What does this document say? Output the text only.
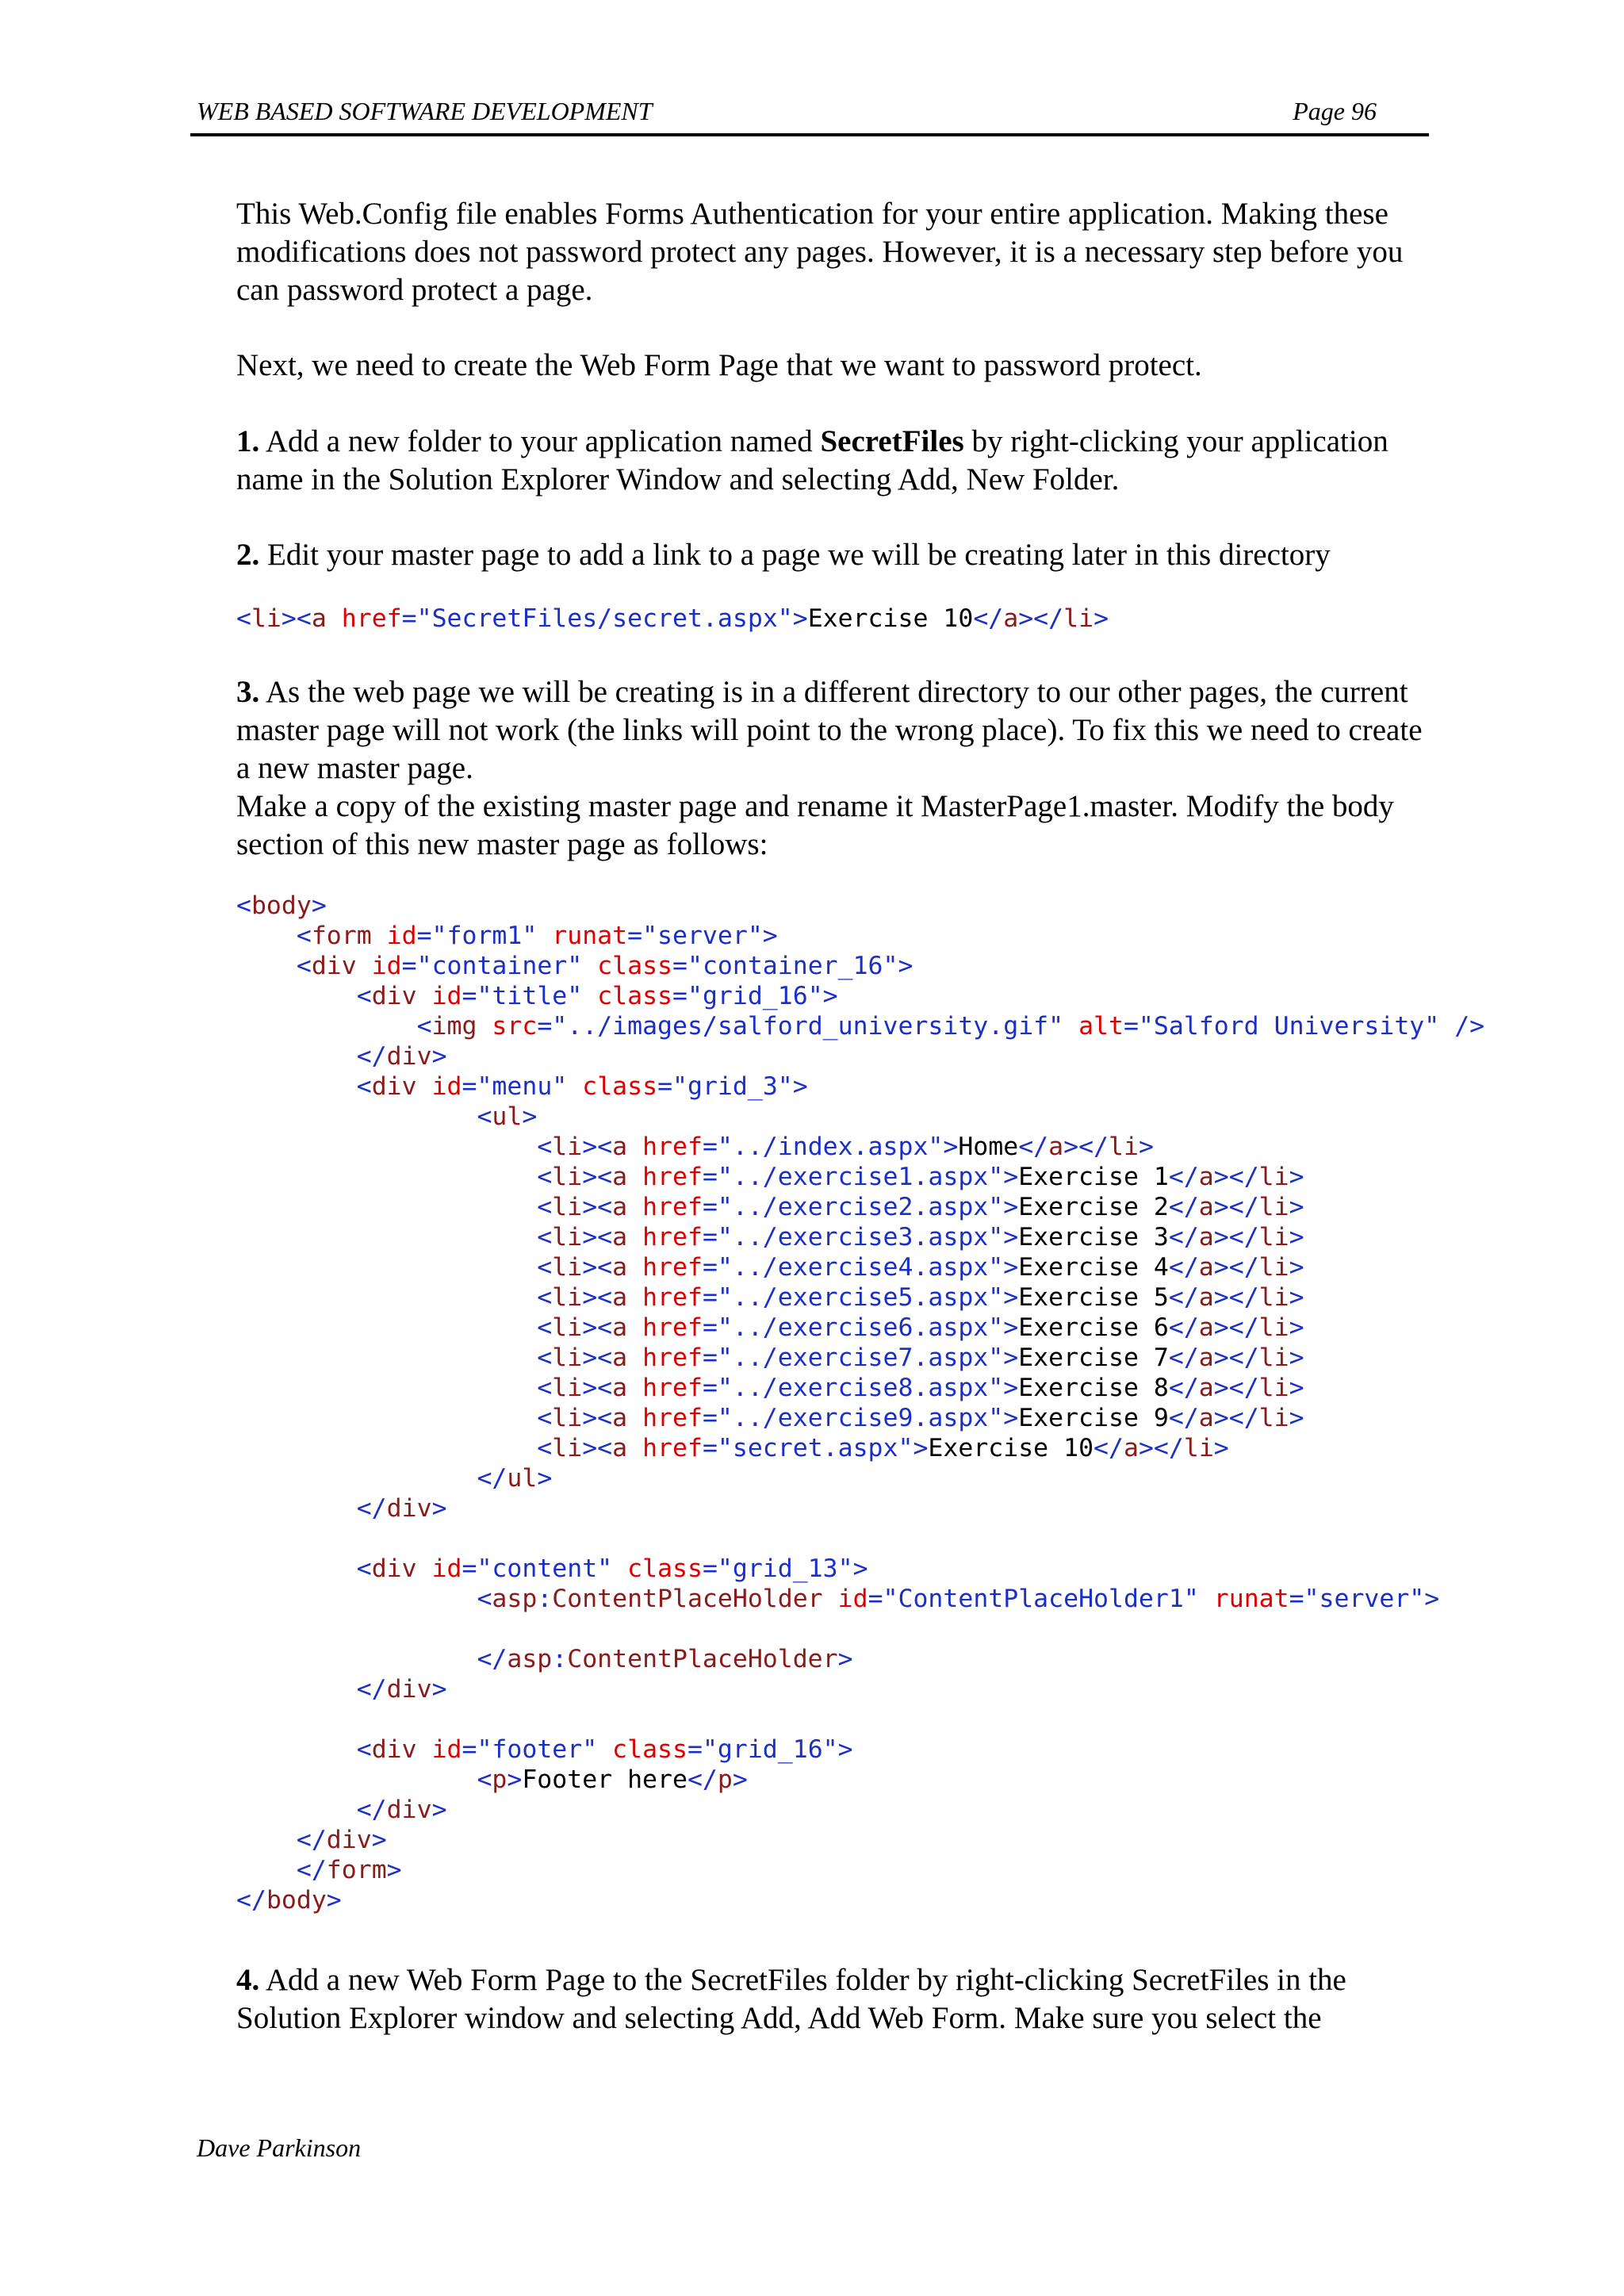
WEB BASED SOFTWARE DEVELOPMENT	Page 96

This Web.Config file enables Forms Authentication for your entire application. Making these modifications does not password protect any pages. However, it is a necessary step before you can password protect a page.

Next, we need to create the Web Form Page that we want to password protect.

1. Add a new folder to your application named SecretFiles by right-clicking your application name in the Solution Explorer Window and selecting Add, New Folder.

2. Edit your master page to add a link to a page we will be creating later in this directory

3. As the web page we will be creating is in a different directory to our other pages, the current master page will not work (the links will point to the wrong place). To fix this we need to create a new master page.
Make a copy of the existing master page and rename it MasterPage1.master. Modify the body section of this new master page as follows:

4. Add a new Web Form Page to the SecretFiles folder by right-clicking SecretFiles in the Solution Explorer window and selecting Add, Add Web Form. Make sure you select the

<li><a href="SecretFiles/secret.aspx">Exercise 10</a></li>
<body>
<form id="form1" runat="server">
<div id="container" class="container_16">
<div id="title" class="grid_16">
<img src="../images/salford_university.gif" alt="Salford University" />
</div>
<div id="menu" class="grid_3">
<ul>
<li><a href="../index.aspx">Home</a></li>
<li><a href="../exercise1.aspx">Exercise 1</a></li>
<li><a href="../exercise2.aspx">Exercise 2</a></li>
<li><a href="../exercise3.aspx">Exercise 3</a></li>
<li><a href="../exercise4.aspx">Exercise 4</a></li>
<li><a href="../exercise5.aspx">Exercise 5</a></li>
<li><a href="../exercise6.aspx">Exercise 6</a></li>
<li><a href="../exercise7.aspx">Exercise 7</a></li>
<li><a href="../exercise8.aspx">Exercise 8</a></li>
<li><a href="../exercise9.aspx">Exercise 9</a></li>
<li><a href="secret.aspx">Exercise 10</a></li>
</ul>
</div>

<div id="content" class="grid_13">
<asp:ContentPlaceHolder id="ContentPlaceHolder1" runat="server">

</asp:ContentPlaceHolder>
</div>

<div id="footer" class="grid_16">
<p>Footer here</p>
</div>
</div>
</form>
</body>
Dave Parkinson
